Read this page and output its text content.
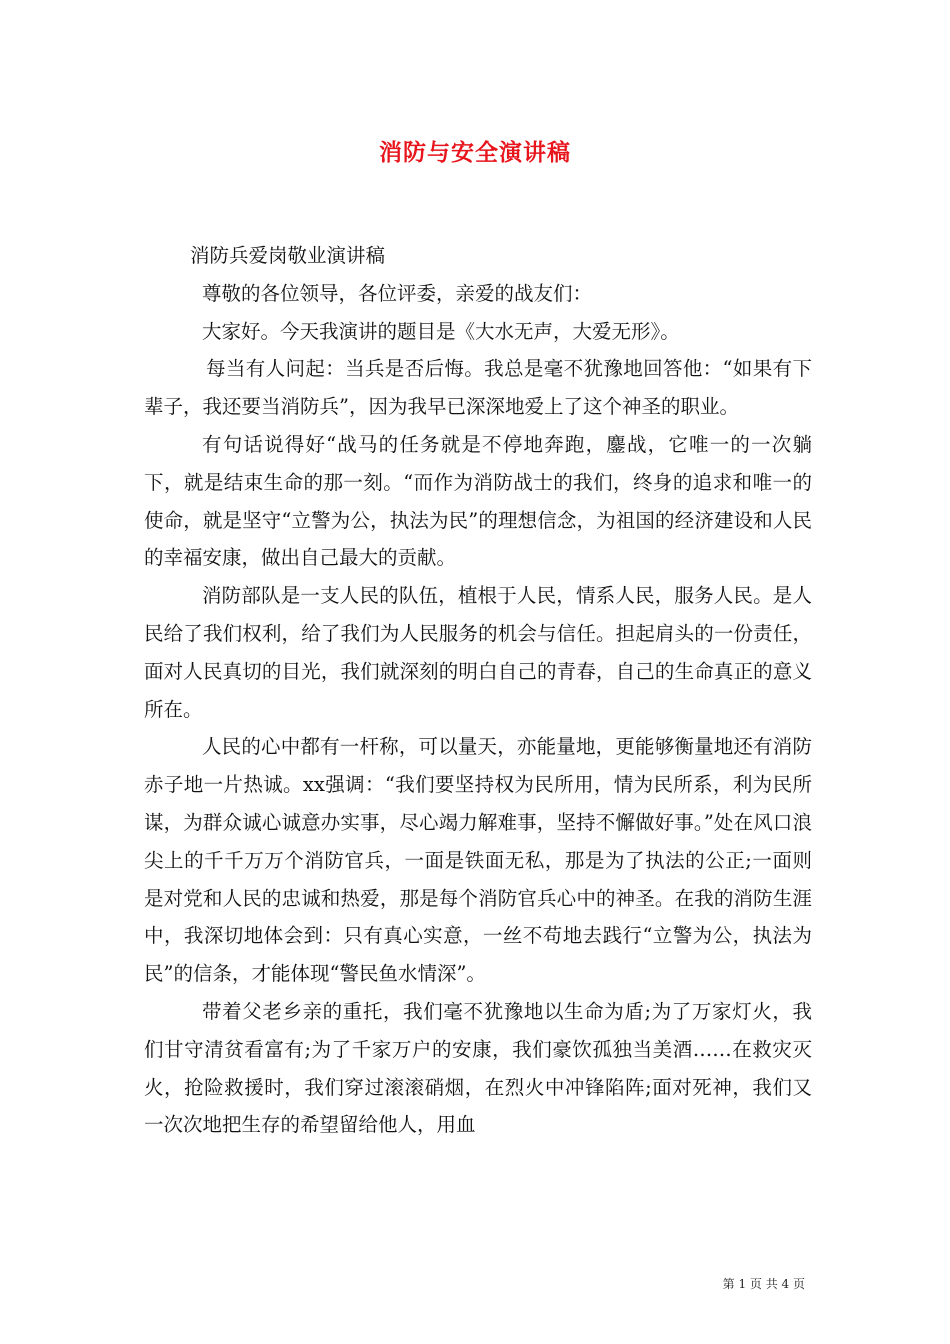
消防与安全演讲稿

消防兵爱岗敬业演讲稿

尊敬的各位领导，各位评委，亲爱的战友们：

大家好。今天我演讲的题目是《大水无声，大爱无形》。

每当有人问起：当兵是否后悔。我总是毫不犹豫地回答他：“如果有下辈子，我还要当消防兵”，因为我早已深深地爱上了这个神圣的职业。

有句话说得好“战马的任务就是不停地奔跑，鏖战，它唯一的一次躺下，就是结束生命的那一刻。“而作为消防战士的我们，终身的追求和唯一的使命，就是坚守“立警为公，执法为民”的理想信念，为祖国的经济建设和人民的幸福安康，做出自己最大的贡献。

消防部队是一支人民的队伍，植根于人民，情系人民，服务人民。是人民给了我们权利，给了我们为人民服务的机会与信任。担起肩头的一份责任，面对人民真切的目光，我们就深刻的明白自己的青春，自己的生命真正的意义所在。

人民的心中都有一杆称，可以量天，亦能量地，更能够衡量地还有消防赤子地一片热诚。xx强调：“我们要坚持权为民所用，情为民所系，利为民所谋，为群众诚心诚意办实事，尽心竭力解难事，坚持不懈做好事。”处在风口浪尖上的千千万万个消防官兵，一面是铁面无私，那是为了执法的公正;一面则是对党和人民的忠诚和热爱，那是每个消防官兵心中的神圣。在我的消防生涯中，我深切地体会到：只有真心实意，一丝不苟地去践行“立警为公，执法为民”的信条，才能体现“警民鱼水情深”。

带着父老乡亲的重托，我们毫不犹豫地以生命为盾;为了万家灯火，我们甘守清贫看富有;为了千家万户的安康，我们豪饮孤独当美酒……在救灾灭火，抢险救援时，我们穿过滚滚硝烟，在烈火中冲锋陷阵;面对死神，我们又一次次地把生存的希望留给他人，用血

第 1 页 共 4 页
